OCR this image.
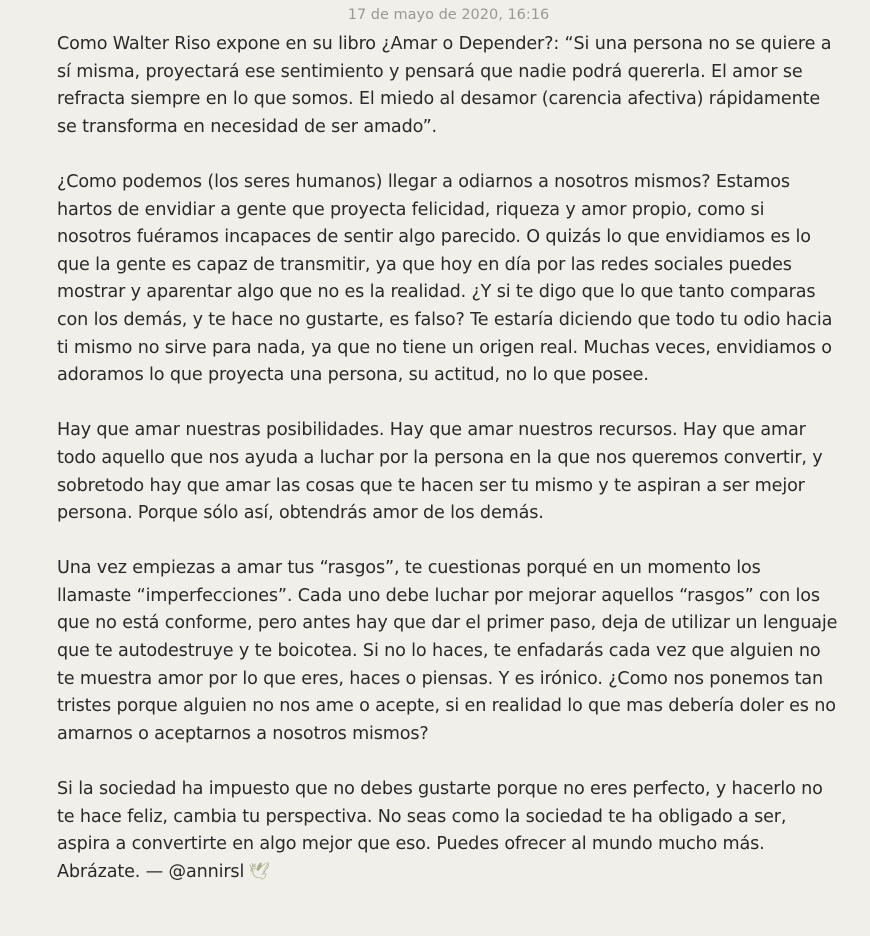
17 de mayo de 2020, 16:16

Como Walter Riso expone en su libro ¿Amar o Depender?: “Si una persona no se quiere a sí misma, proyectará ese sentimiento y pensará que nadie podrá quererla. El amor se refracta siempre en lo que somos. El miedo al desamor (carencia afectiva) rápidamente se transforma en necesidad de ser amado”.

¿Como podemos (los seres humanos) llegar a odiarnos a nosotros mismos? Estamos hartos de envidiar a gente que proyecta felicidad, riqueza y amor propio, como si nosotros fuéramos incapaces de sentir algo parecido. O quizás lo que envidiamos es lo que la gente es capaz de transmitir, ya que hoy en día por las redes sociales puedes mostrar y aparentar algo que no es la realidad. ¿Y si te digo que lo que tanto comparas con los demás, y te hace no gustarte, es falso? Te estaría diciendo que todo tu odio hacia ti mismo no sirve para nada, ya que no tiene un origen real. Muchas veces, envidiamos o adoramos lo que proyecta una persona, su actitud, no lo que posee.

Hay que amar nuestras posibilidades. Hay que amar nuestros recursos. Hay que amar todo aquello que nos ayuda a luchar por la persona en la que nos queremos convertir, y sobretodo hay que amar las cosas que te hacen ser tu mismo y te aspiran a ser mejor persona. Porque sólo así, obtendrás amor de los demás.

Una vez empiezas a amar tus “rasgos”, te cuestionas porqué en un momento los llamaste “imperfecciones”. Cada uno debe luchar por mejorar aquellos “rasgos” con los que no está conforme, pero antes hay que dar el primer paso, deja de utilizar un lenguaje que te autodestruye y te boicotea. Si no lo haces, te enfadarás cada vez que alguien no te muestra amor por lo que eres, haces o piensas. Y es irónico. ¿Como nos ponemos tan tristes porque alguien no nos ame o acepte, si en realidad lo que mas debería doler es no amarnos o aceptarnos a nosotros mismos?

Si la sociedad ha impuesto que no debes gustarte porque no eres perfecto, y hacerlo no te hace feliz, cambia tu perspectiva. No seas como la sociedad te ha obligado a ser, aspira a convertirte en algo mejor que eso. Puedes ofrecer al mundo mucho más. Abrázate. — @annirsl 🕊︎
